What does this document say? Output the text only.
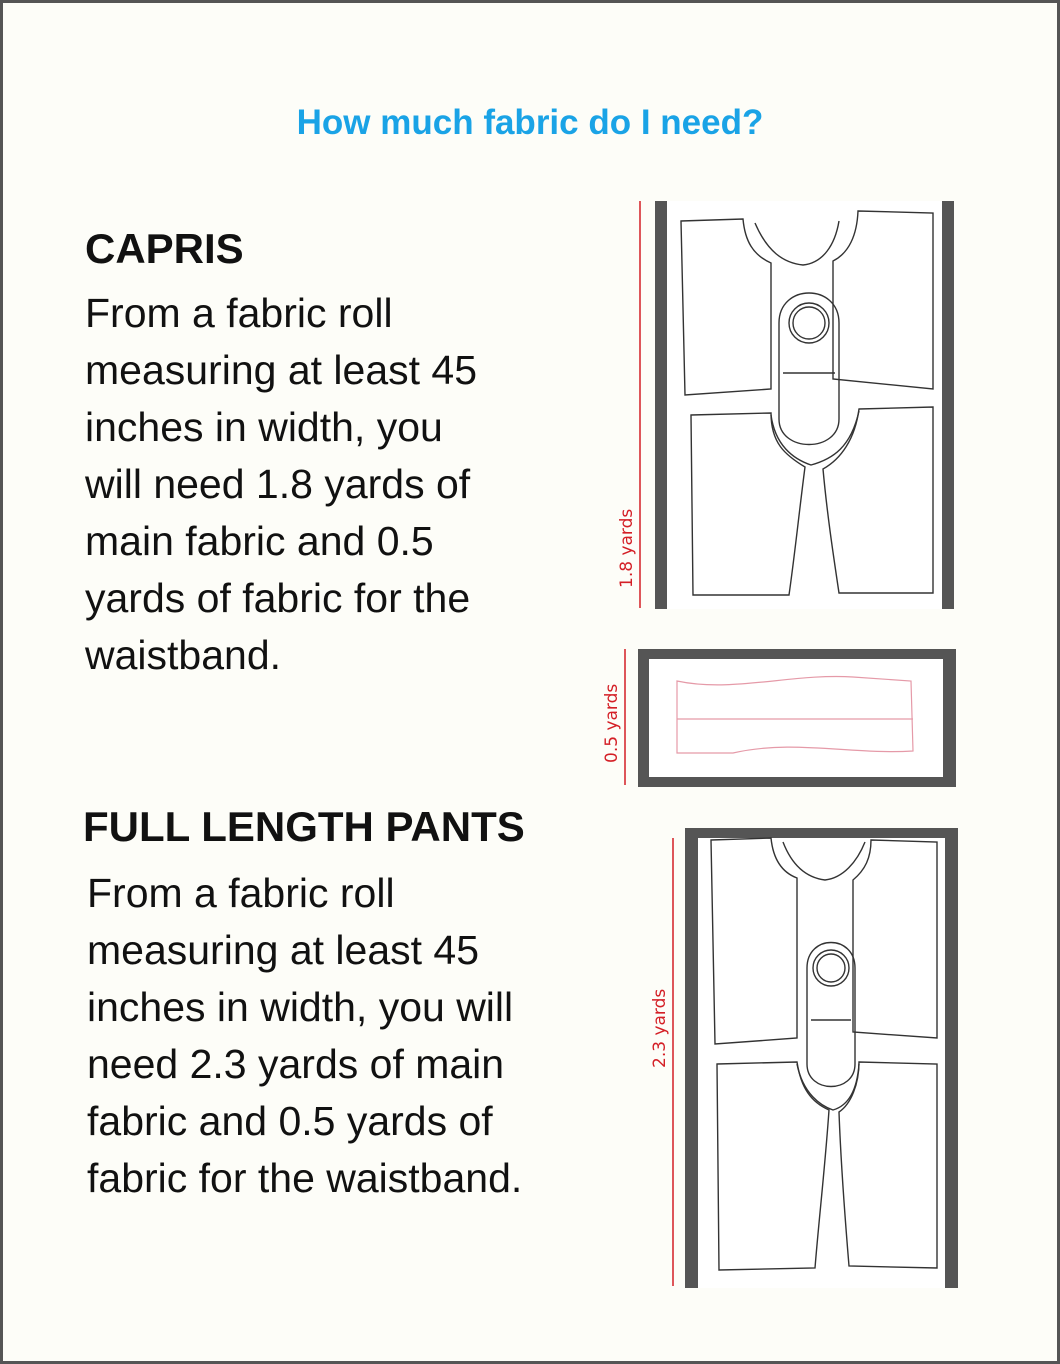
How much fabric do I need?
CAPRIS
From a fabric roll
measuring at least 45
inches in width, you
will need 1.8 yards of
main fabric and 0.5
yards of fabric for the
waistband.
1.8 yards
0.5 yards
FULL LENGTH PANTS
From a fabric roll
measuring at least 45
inches in width, you will
need 2.3 yards of main
fabric and 0.5 yards of
fabric for the waistband.
2.3 yards
